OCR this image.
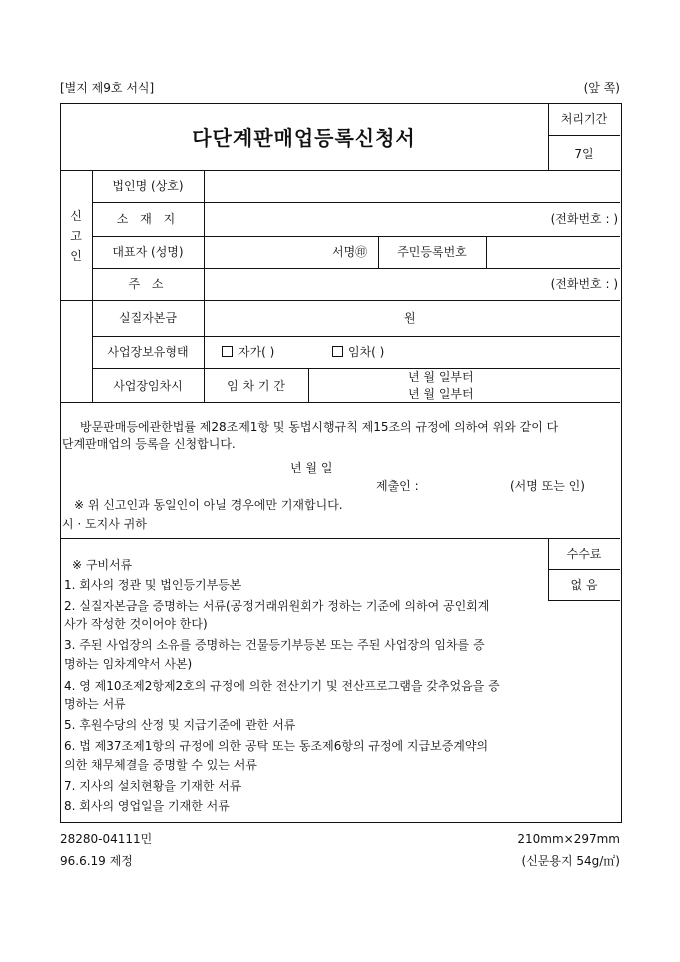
[별지 제9호 서식]	(앞 쪽)
다단계판매업등록신청서
처리기간
7일
신
고
인
법인명 (상호)
소 재 지	(전화번호 : )
대표자 (성명)	서명㊞	주민등록번호
주 소	(전화번호 : )
실질자본금	원
사업장보유형태	자가( )	임차( )
사업장임차시	임 차 기 간
년 월 일부터
년 월 일부터
방문판매등에관한법률 제28조제1항 및 동법시행규칙 제15조의 규정에 의하여 위와 같이 다
단계판매업의 등록을 신청합니다.
년 월 일
제출인 :	(서명 또는 인)
※ 위 신고인과 동일인이 아닐 경우에만 기재합니다.
시 · 도지사 귀하
수수료
없 음
※ 구비서류
1. 회사의 정관 및 법인등기부등본
2. 실질자본금을 증명하는 서류(공정거래위원회가 정하는 기준에 의하여 공인회계
사가 작성한 것이어야 한다)
3. 주된 사업장의 소유를 증명하는 건물등기부등본 또는 주된 사업장의 임차를 증
명하는 임차계약서 사본)
4. 영 제10조제2항제2호의 규정에 의한 전산기기 및 전산프로그램을 갖추었음을 증
명하는 서류
5. 후원수당의 산정 및 지급기준에 관한 서류
6. 법 제37조제1항의 규정에 의한 공탁 또는 동조제6항의 규정에 지급보증계약의
의한 채무체결을 증명할 수 있는 서류
7. 지사의 설치현황을 기재한 서류
8. 회사의 영업일을 기재한 서류
28280-04111민	210mm×297mm
96.6.19 제정	(신문용지 54g/㎡)
